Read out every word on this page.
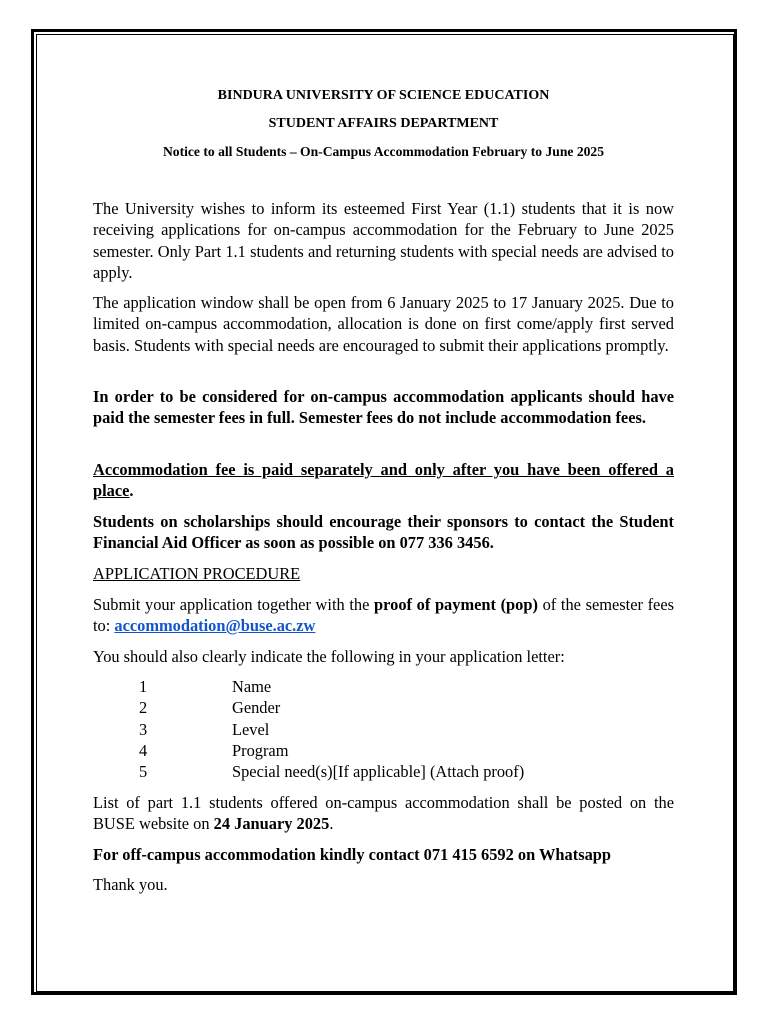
BINDURA UNIVERSITY OF SCIENCE EDUCATION

STUDENT AFFAIRS DEPARTMENT

Notice to all Students – On-Campus Accommodation February to June 2025

The University wishes to inform its esteemed First Year (1.1) students that it is now receiving applications for on-campus accommodation for the February to June 2025 semester. Only Part 1.1 students and returning students with special needs are advised to apply.

The application window shall be open from 6 January 2025 to 17 January 2025. Due to limited on-campus accommodation, allocation is done on first come/apply first served basis. Students with special needs are encouraged to submit their applications promptly.

In order to be considered for on-campus accommodation applicants should have paid the semester fees in full. Semester fees do not include accommodation fees.

Accommodation fee is paid separately and only after you have been offered a place.

Students on scholarships should encourage their sponsors to contact the Student Financial Aid Officer as soon as possible on 077 336 3456.

APPLICATION PROCEDURE

Submit your application together with the proof of payment (pop) of the semester fees to: accommodation@buse.ac.zw

You should also clearly indicate the following in your application letter:

1	Name
2	Gender
3	Level
4	Program
5	Special need(s)[If applicable] (Attach proof)

List of part 1.1 students offered on-campus accommodation shall be posted on the BUSE website on 24 January 2025.

For off-campus accommodation kindly contact 071 415 6592 on Whatsapp

Thank you.
